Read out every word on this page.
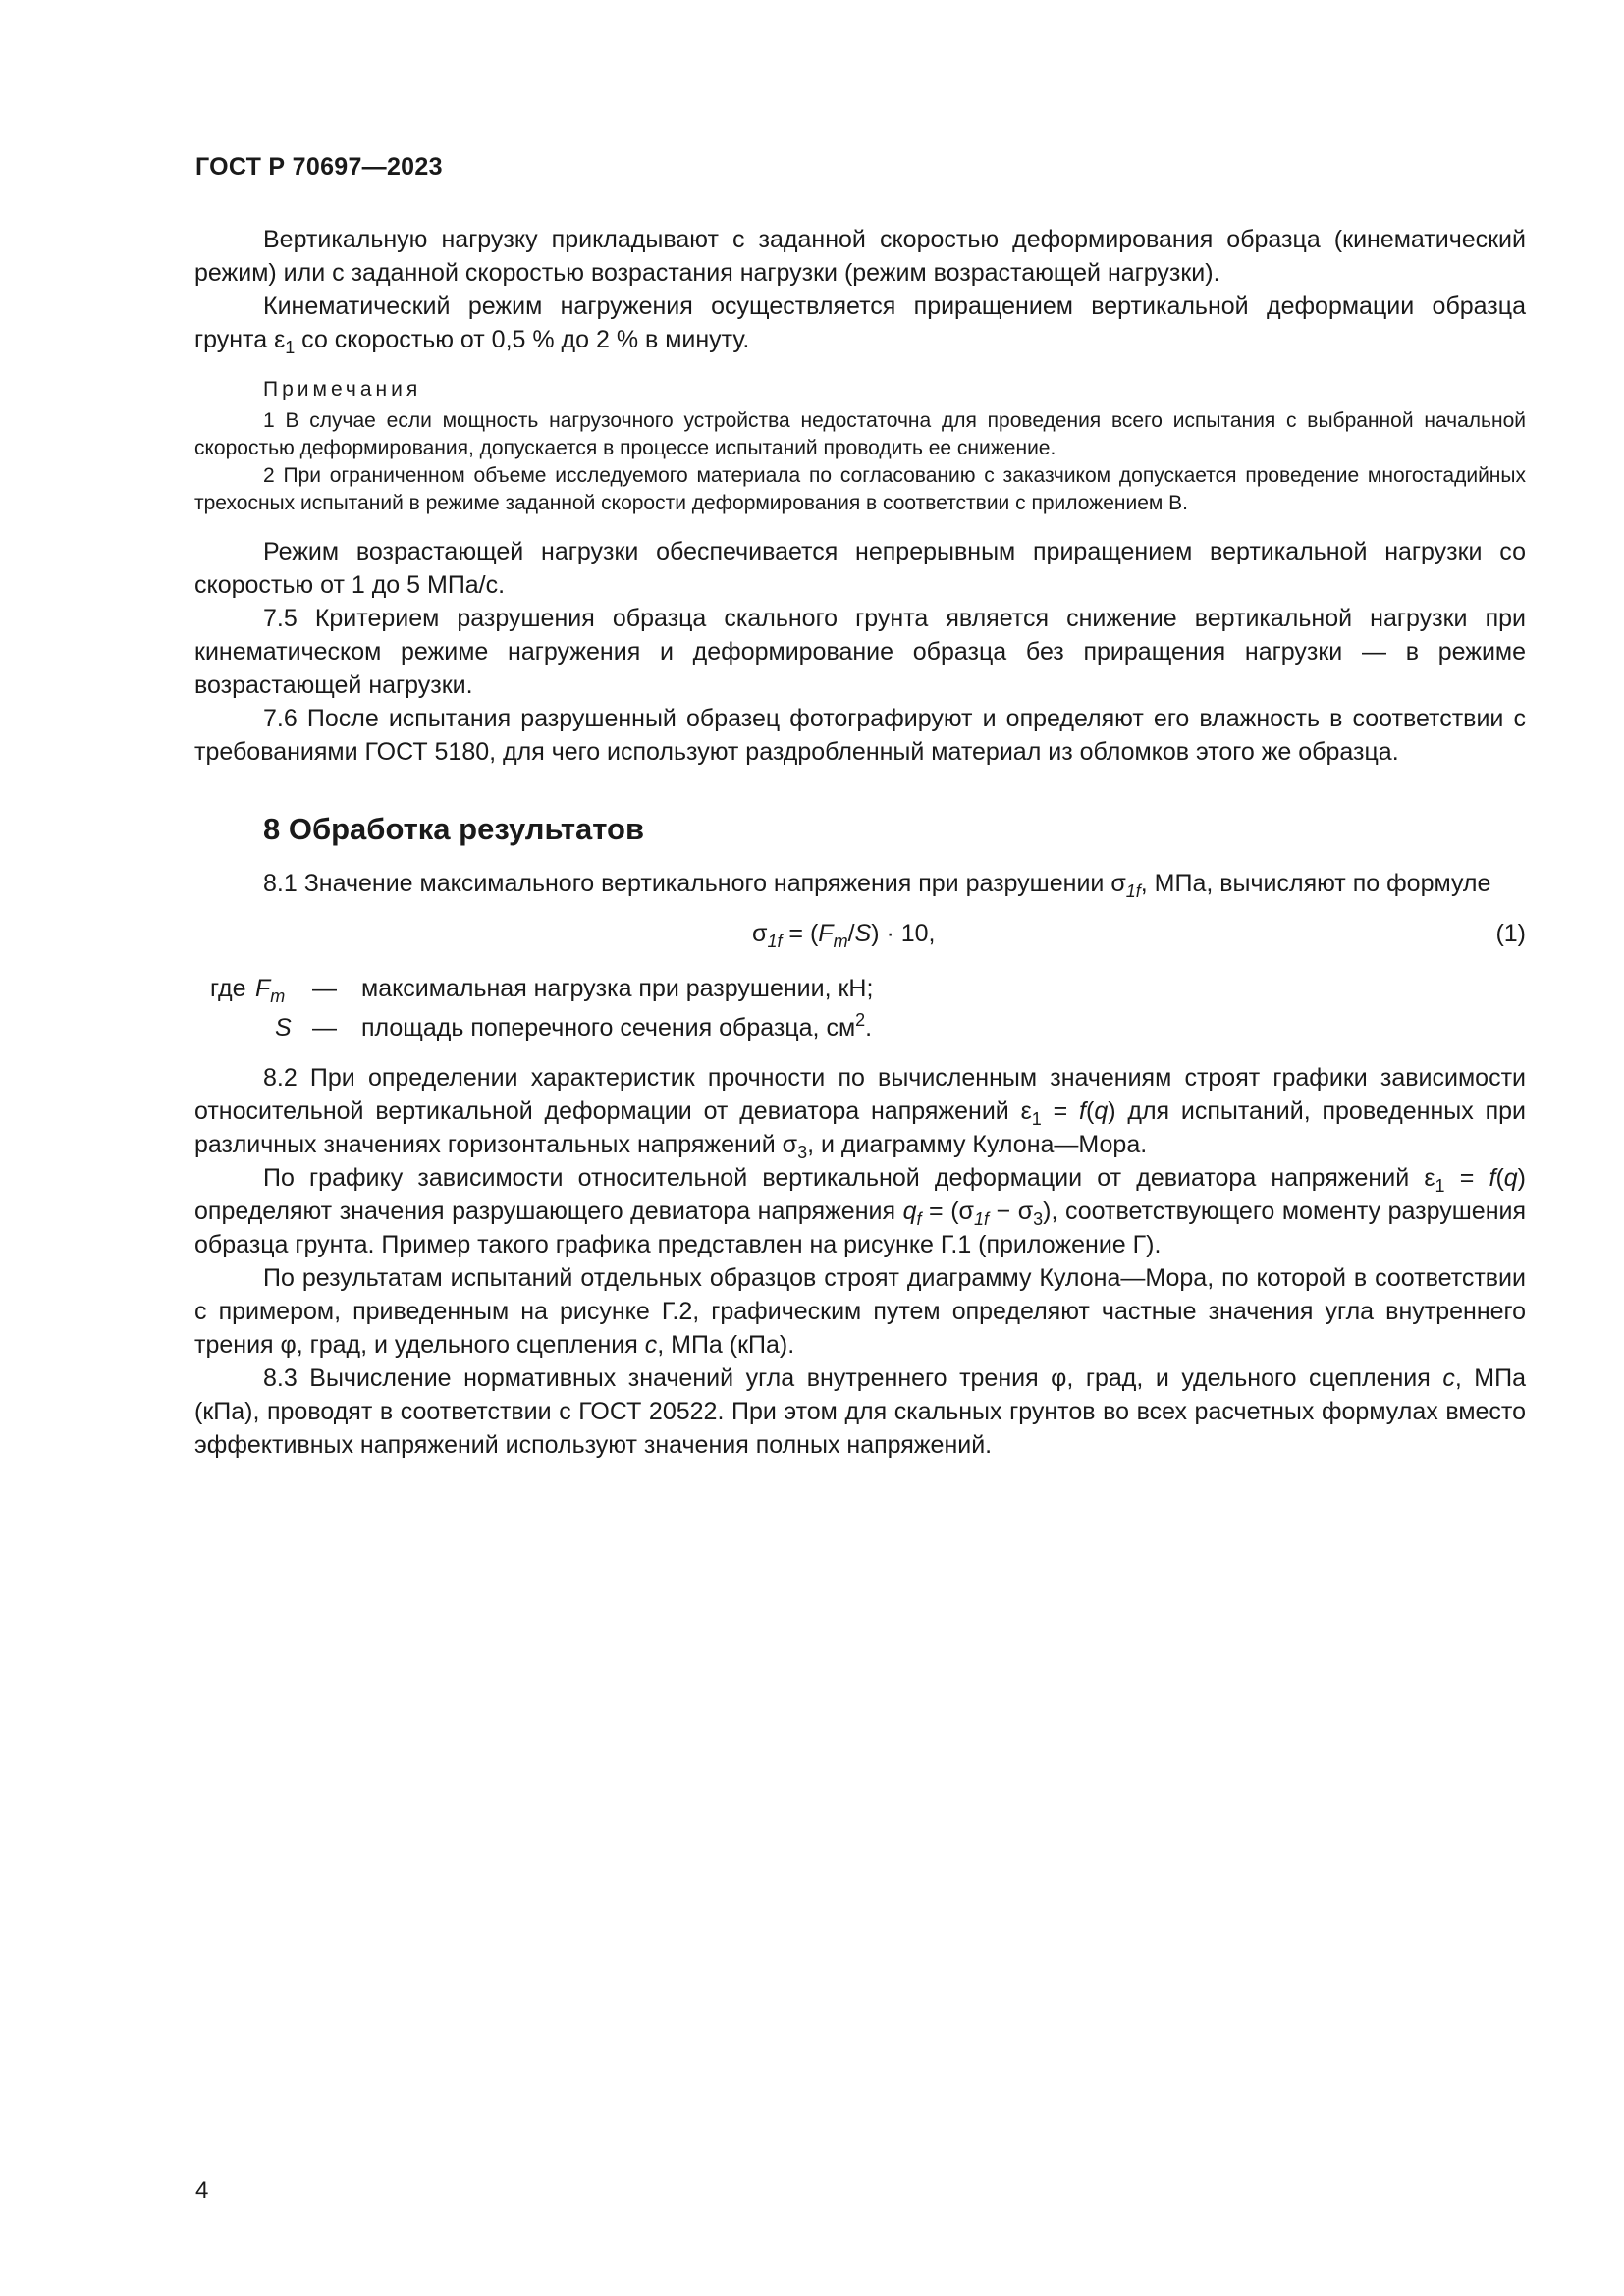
ГОСТ Р 70697—2023

Вертикальную нагрузку прикладывают с заданной скоростью деформирования образца (кинематический режим) или с заданной скоростью возрастания нагрузки (режим возрастающей нагрузки).

Кинематический режим нагружения осуществляется приращением вертикальной деформации образца грунта $\varepsilon_1$ со скоростью от 0,5 % до 2 % в минуту.

Примечания

1 В случае если мощность нагрузочного устройства недостаточна для проведения всего испытания с выбранной начальной скоростью деформирования, допускается в процессе испытаний проводить ее снижение.

2 При ограниченном объеме исследуемого материала по согласованию с заказчиком допускается проведение многостадийных трехосных испытаний в режиме заданной скорости деформирования в соответствии с приложением В.

Режим возрастающей нагрузки обеспечивается непрерывным приращением вертикальной нагрузки со скоростью от 1 до 5 МПа/с.

7.5 Критерием разрушения образца скального грунта является снижение вертикальной нагрузки при кинематическом режиме нагружения и деформирование образца без приращения нагрузки — в режиме возрастающей нагрузки.

7.6 После испытания разрушенный образец фотографируют и определяют его влажность в соответствии с требованиями ГОСТ 5180, для чего используют раздробленный материал из обломков этого же образца.

8 Обработка результатов

8.1 Значение максимального вертикального напряжения при разрушении $\sigma_{1f}$, МПа, вычисляют по формуле

$\sigma_{1f} = (F_m/S) \cdot 10$,	(1)
где $F_m$ — максимальная нагрузка при разрушении, кН;
S — площадь поперечного сечения образца, $см^2$.

8.2 При определении характеристик прочности по вычисленным значениям строят графики зависимости относительной вертикальной деформации от девиатора напряжений $\varepsilon_1 = f(q)$ для испытаний, проведенных при различных значениях горизонтальных напряжений $\sigma_3$, и диаграмму Кулона—Мора.

По графику зависимости относительной вертикальной деформации от девиатора напряжений $\varepsilon_1 = f(q)$ определяют значения разрушающего девиатора напряжения $q_f = (\sigma_{1f} - \sigma_3)$, соответствующего моменту разрушения образца грунта. Пример такого графика представлен на рисунке Г.1 (приложение Г).

По результатам испытаний отдельных образцов строят диаграмму Кулона—Мора, по которой в соответствии с примером, приведенным на рисунке Г.2, графическим путем определяют частные значения угла внутреннего трения φ, град, и удельного сцепления c, МПа (кПа).

8.3 Вычисление нормативных значений угла внутреннего трения φ, град, и удельного сцепления c, МПа (кПа), проводят в соответствии с ГОСТ 20522. При этом для скальных грунтов во всех расчетных формулах вместо эффективных напряжений используют значения полных напряжений.

4
